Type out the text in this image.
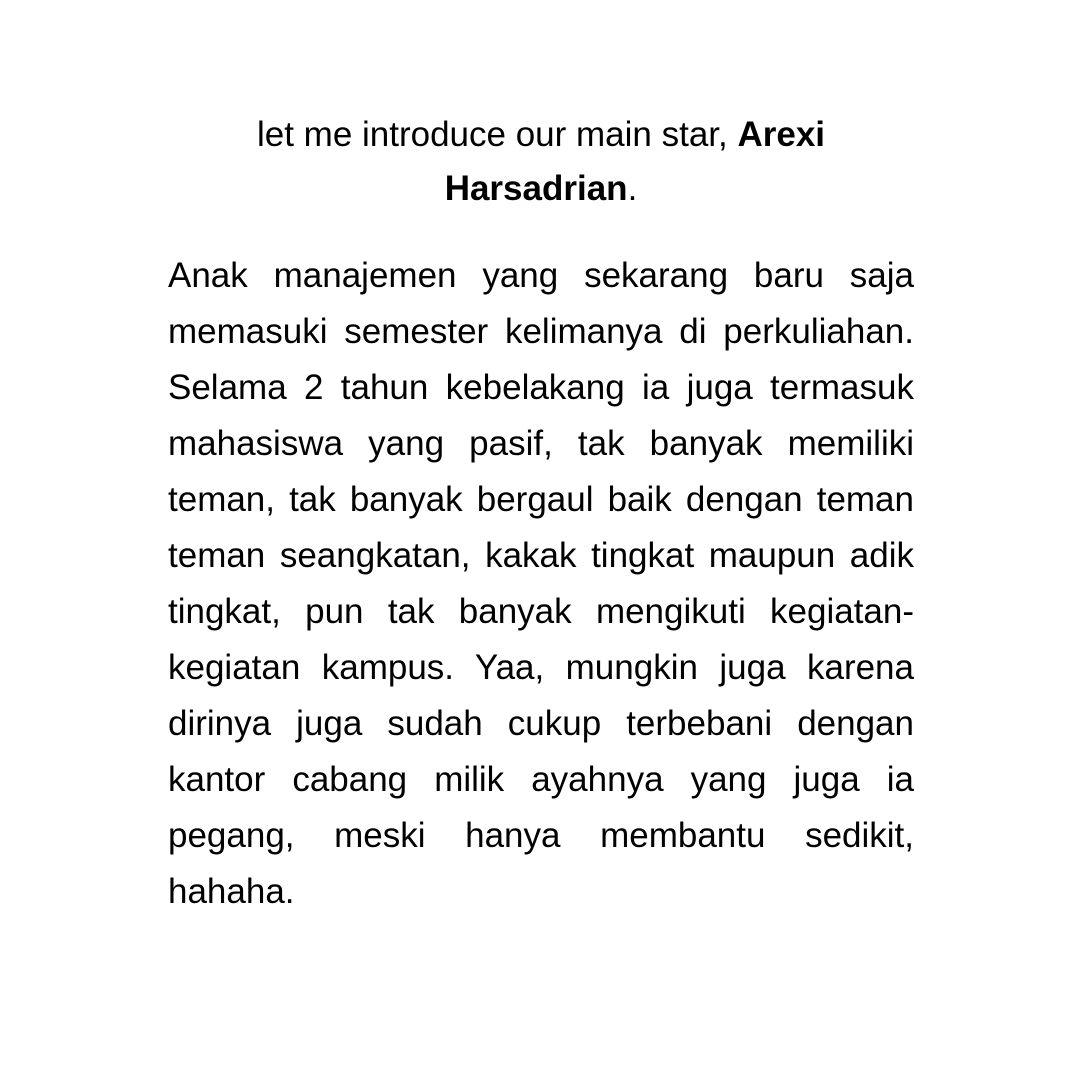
let me introduce our main star, Arexi Harsadrian.

Anak manajemen yang sekarang baru saja memasuki semester kelimanya di perkuliahan. Selama 2 tahun kebelakang ia juga termasuk mahasiswa yang pasif, tak banyak memiliki teman, tak banyak bergaul baik dengan teman teman seangkatan, kakak tingkat maupun adik tingkat, pun tak banyak mengikuti kegiatan-kegiatan kampus. Yaa, mungkin juga karena dirinya juga sudah cukup terbebani dengan kantor cabang milik ayahnya yang juga ia pegang, meski hanya membantu sedikit, hahaha.
